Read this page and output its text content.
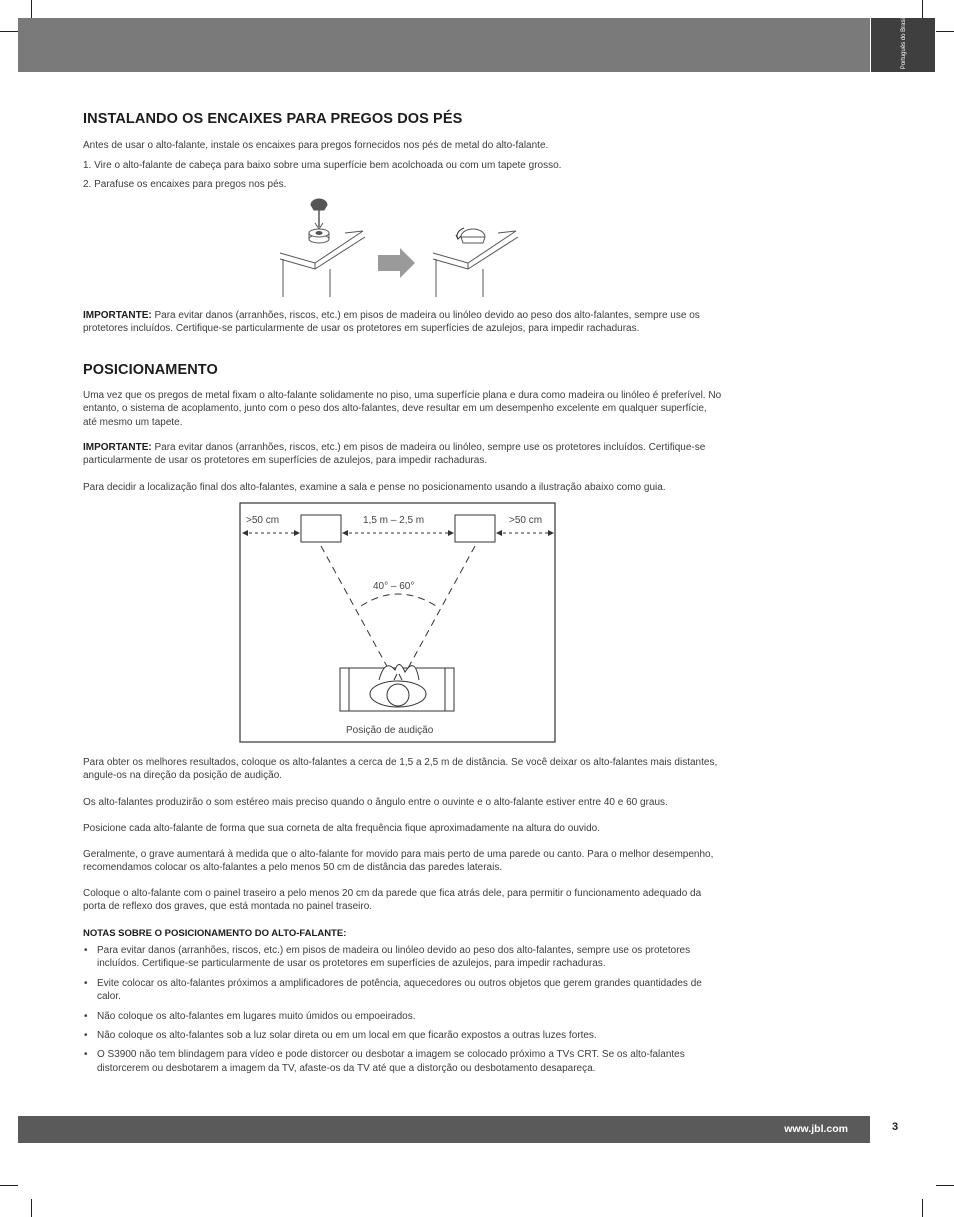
Português do Brasil
INSTALANDO OS ENCAIXES PARA PREGOS DOS PÉS

Antes de usar o alto-falante, instale os encaixes para pregos fornecidos nos pés de metal do alto-falante.

1. Vire o alto-falante de cabeça para baixo sobre uma superfície bem acolchoada ou com um tapete grosso.

2. Parafuse os encaixes para pregos nos pés.

IMPORTANTE: Para evitar danos (arranhões, riscos, etc.) em pisos de madeira ou linóleo devido ao peso dos alto-falantes, sempre use os protetores incluídos. Certifique-se particularmente de usar os protetores em superfícies de azulejos, para impedir rachaduras.

POSICIONAMENTO

Uma vez que os pregos de metal fixam o alto-falante solidamente no piso, uma superfície plana e dura como madeira ou linóleo é preferível. No entanto, o sistema de acoplamento, junto com o peso dos alto-falantes, deve resultar em um desempenho excelente em qualquer superfície, até mesmo um tapete.

IMPORTANTE: Para evitar danos (arranhões, riscos, etc.) em pisos de madeira ou linóleo, sempre use os protetores incluídos. Certifique-se particularmente de usar os protetores em superfícies de azulejos, para impedir rachaduras.

Para decidir a localização final dos alto-falantes, examine a sala e pense no posicionamento usando a ilustração abaixo como guia.

>50 cm	1,5 m – 2,5 m	>50 cm
40° – 60°
Posição de audição

Para obter os melhores resultados, coloque os alto-falantes a cerca de 1,5 a 2,5 m de distância. Se você deixar os alto-falantes mais distantes, angule-os na direção da posição de audição.

Os alto-falantes produzirão o som estéreo mais preciso quando o ângulo entre o ouvinte e o alto-falante estiver entre 40 e 60 graus.

Posicione cada alto-falante de forma que sua corneta de alta frequência fique aproximadamente na altura do ouvido.

Geralmente, o grave aumentará à medida que o alto-falante for movido para mais perto de uma parede ou canto. Para o melhor desempenho, recomendamos colocar os alto-falantes a pelo menos 50 cm de distância das paredes laterais.

Coloque o alto-falante com o painel traseiro a pelo menos 20 cm da parede que fica atrás dele, para permitir o funcionamento adequado da porta de reflexo dos graves, que está montada no painel traseiro.

NOTAS SOBRE O POSICIONAMENTO DO ALTO-FALANTE:

• Para evitar danos (arranhões, riscos, etc.) em pisos de madeira ou linóleo devido ao peso dos alto-falantes, sempre use os protetores incluídos. Certifique-se particularmente de usar os protetores em superfícies de azulejos, para impedir rachaduras.
• Evite colocar os alto-falantes próximos a amplificadores de potência, aquecedores ou outros objetos que gerem grandes quantidades de calor.
• Não coloque os alto-falantes em lugares muito úmidos ou empoeirados.
• Não coloque os alto-falantes sob a luz solar direta ou em um local em que ficarão expostos a outras luzes fortes.
• O S3900 não tem blindagem para vídeo e pode distorcer ou desbotar a imagem se colocado próximo a TVs CRT. Se os alto-falantes distorcerem ou desbotarem a imagem da TV, afaste-os da TV até que a distorção ou desbotamento desapareça.
www.jbl.com	3
